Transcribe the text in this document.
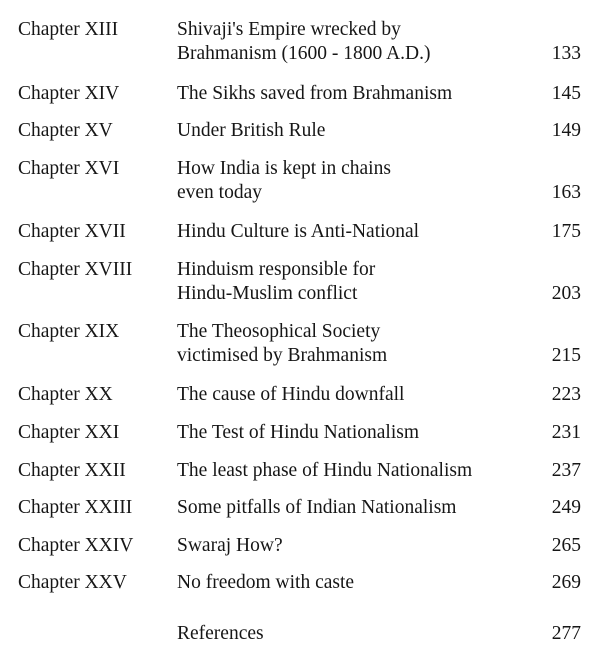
Chapter XIII	Shivaji's Empire wrecked by
Brahmanism (1600 - 1800 A.D.)	133
Chapter XIV	The Sikhs saved from Brahmanism	145
Chapter XV	Under British Rule	149
Chapter XVI	How India is kept in chains
even today	163
Chapter XVII	Hindu Culture is Anti-National	175
Chapter XVIII Hinduism responsible for
Hindu-Muslim conflict	203
Chapter XIX	The Theosophical Society
victimised by Brahmanism	215
Chapter XX	The cause of Hindu downfall	223
Chapter XXI	The Test of Hindu Nationalism	231
Chapter XXII	The least phase of Hindu Nationalism	237
Chapter XXIII Some pitfalls of Indian Nationalism	249
Chapter XXIV Swaraj How?	265
Chapter XXV	No freedom with caste	269
References	277
